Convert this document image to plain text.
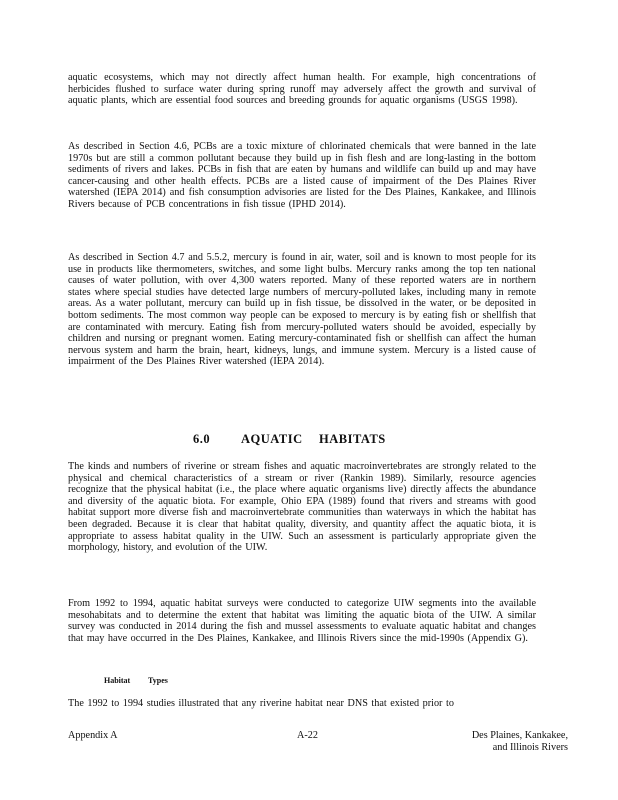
aquatic ecosystems, which may not directly affect human health. For example, high concentrations of herbicides flushed to surface water during spring runoff may adversely affect the growth and survival of aquatic plants, which are essential food sources and breeding grounds for aquatic organisms (USGS 1998).

As described in Section 4.6, PCBs are a toxic mixture of chlorinated chemicals that were banned in the late 1970s but are still a common pollutant because they build up in fish flesh and are long-lasting in the bottom sediments of rivers and lakes. PCBs in fish that are eaten by humans and wildlife can build up and may have cancer-causing and other health effects. PCBs are a listed cause of impairment of the Des Plaines River watershed (IEPA 2014) and fish consumption advisories are listed for the Des Plaines, Kankakee, and Illinois Rivers because of PCB concentrations in fish tissue (IPHD 2014).

As described in Section 4.7 and 5.5.2, mercury is found in air, water, soil and is known to most people for its use in products like thermometers, switches, and some light bulbs. Mercury ranks among the top ten national causes of water pollution, with over 4,300 waters reported. Many of these reported waters are in northern states where special studies have detected large numbers of mercury-polluted lakes, including many in remote areas. As a water pollutant, mercury can build up in fish tissue, be dissolved in the water, or be deposited in bottom sediments. The most common way people can be exposed to mercury is by eating fish or shellfish that are contaminated with mercury. Eating fish from mercury-polluted waters should be avoided, especially by children and nursing or pregnant women. Eating mercury-contaminated fish or shellfish can affect the human nervous system and harm the brain, heart, kidneys, lungs, and immune system. Mercury is a listed cause of impairment of the Des Plaines River watershed (IEPA 2014).

6.0 AQUATIC HABITATS

The kinds and numbers of riverine or stream fishes and aquatic macroinvertebrates are strongly related to the physical and chemical characteristics of a stream or river (Rankin 1989). Similarly, resource agencies recognize that the physical habitat (i.e., the place where aquatic organisms live) directly affects the abundance and diversity of the aquatic biota. For example, Ohio EPA (1989) found that rivers and streams with good habitat support more diverse fish and macroinvertebrate communities than waterways in which the habitat has been degraded. Because it is clear that habitat quality, diversity, and quantity affect the aquatic biota, it is appropriate to assess habitat quality in the UIW. Such an assessment is particularly appropriate given the morphology, history, and evolution of the UIW.

From 1992 to 1994, aquatic habitat surveys were conducted to categorize UIW segments into the available mesohabitats and to determine the extent that habitat was limiting the aquatic biota of the UIW. A similar survey was conducted in 2014 during the fish and mussel assessments to evaluate aquatic habitat and changes that may have occurred in the Des Plaines, Kankakee, and Illinois Rivers since the mid-1990s (Appendix G).

Habitat Types

The 1992 to 1994 studies illustrated that any riverine habitat near DNS that existed prior to

Appendix A	A-22	Des Plaines, Kankakee, and Illinois Rivers
